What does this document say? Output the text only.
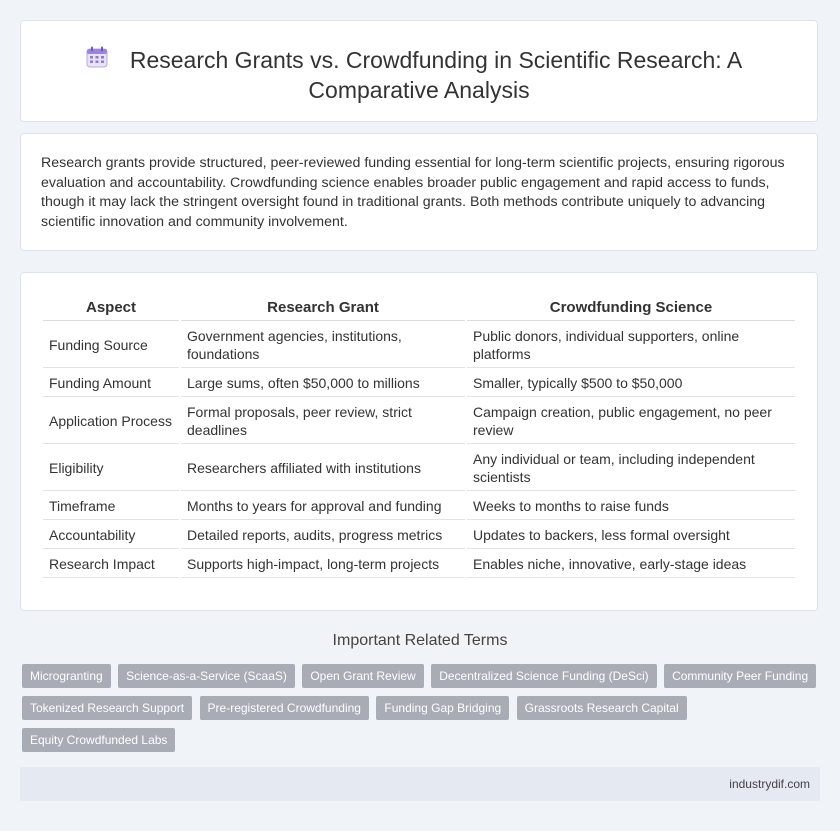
Research Grants vs. Crowdfunding in Scientific Research: A
Comparative Analysis

Research grants provide structured, peer-reviewed funding essential for long-term scientific projects, ensuring rigorous evaluation and accountability. Crowdfunding science enables broader public engagement and rapid access to funds, though it may lack the stringent oversight found in traditional grants. Both methods contribute uniquely to advancing scientific innovation and community involvement.

Aspect	Research Grant	Crowdfunding Science
Funding Source	Government agencies, institutions, foundations	Public donors, individual supporters, online platforms
Funding Amount	Large sums, often $50,000 to millions	Smaller, typically $500 to $50,000
Application Process	Formal proposals, peer review, strict deadlines	Campaign creation, public engagement, no peer review
Eligibility	Researchers affiliated with institutions	Any individual or team, including independent scientists
Timeframe	Months to years for approval and funding	Weeks to months to raise funds
Accountability	Detailed reports, audits, progress metrics	Updates to backers, less formal oversight
Research Impact	Supports high-impact, long-term projects	Enables niche, innovative, early-stage ideas
Important Related Terms
Microgranting Science-as-a-Service (ScaaS) Open Grant Review Decentralized Science Funding (DeSci) Community Peer Funding Tokenized Research Support Pre-registered Crowdfunding Funding Gap Bridging Grassroots Research Capital Equity Crowdfunded Labs
industrydif.com
